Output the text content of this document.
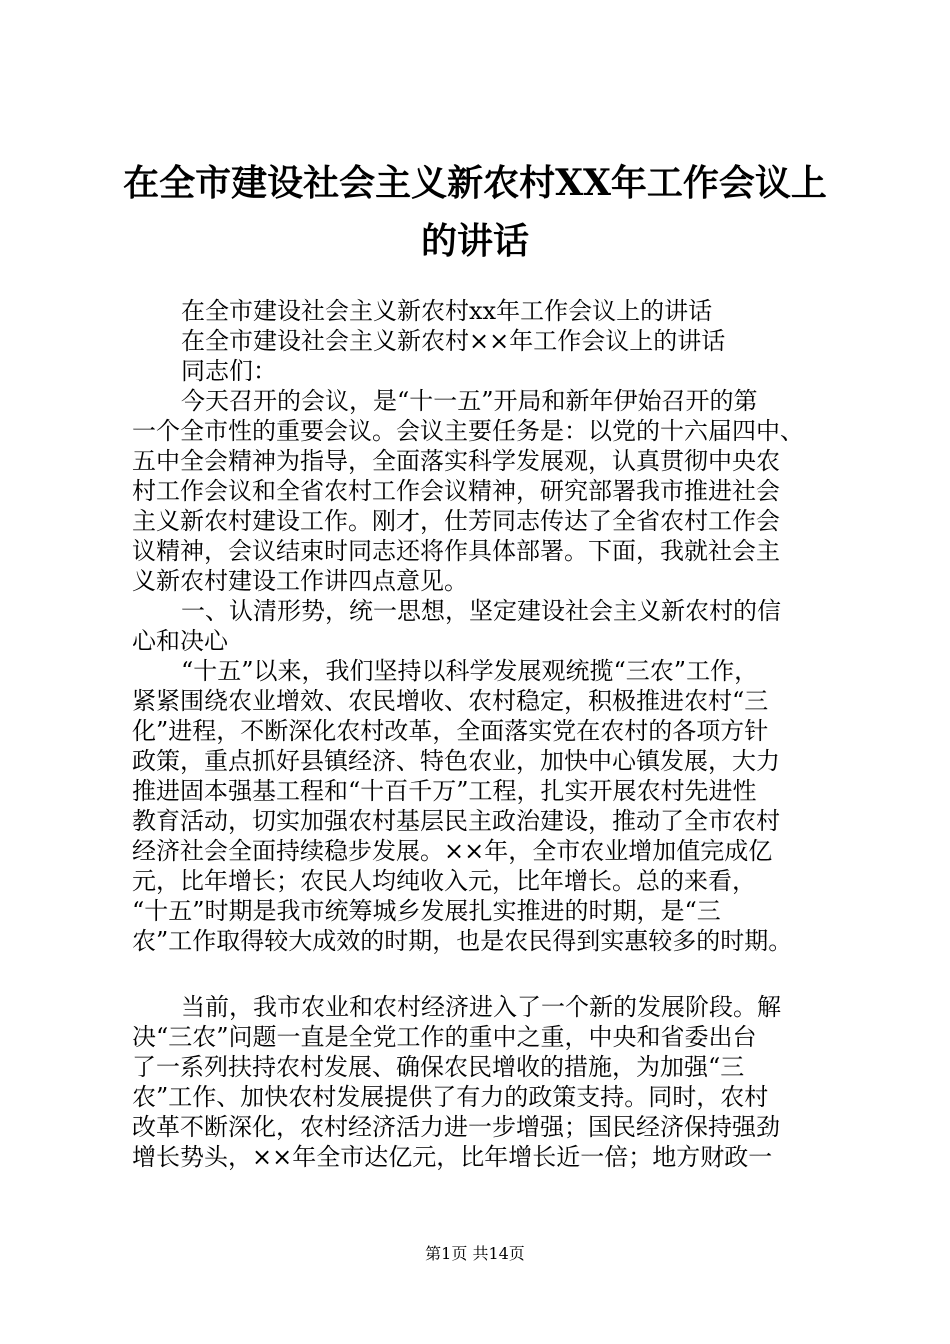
在全市建设社会主义新农村XX年工作会议上
的讲话
在全市建设社会主义新农村xx年工作会议上的讲话
在全市建设社会主义新农村××年工作会议上的讲话
同志们：
今天召开的会议，是“十一五”开局和新年伊始召开的第
一个全市性的重要会议。会议主要任务是：以党的十六届四中、
五中全会精神为指导，全面落实科学发展观，认真贯彻中央农
村工作会议和全省农村工作会议精神，研究部署我市推进社会
主义新农村建设工作。刚才，仕芳同志传达了全省农村工作会
议精神，会议结束时同志还将作具体部署。下面，我就社会主
义新农村建设工作讲四点意见。
一、认清形势，统一思想，坚定建设社会主义新农村的信
心和决心
“十五”以来，我们坚持以科学发展观统揽“三农”工作，
紧紧围绕农业增效、农民增收、农村稳定，积极推进农村“三
化”进程，不断深化农村改革，全面落实党在农村的各项方针
政策，重点抓好县镇经济、特色农业，加快中心镇发展，大力
推进固本强基工程和“十百千万”工程，扎实开展农村先进性
教育活动，切实加强农村基层民主政治建设，推动了全市农村
经济社会全面持续稳步发展。××年，全市农业增加值完成亿
元，比年增长；农民人均纯收入元，比年增长。总的来看，
“十五”时期是我市统筹城乡发展扎实推进的时期，是“三
农”工作取得较大成效的时期，也是农民得到实惠较多的时期。
当前，我市农业和农村经济进入了一个新的发展阶段。解
决“三农”问题一直是全党工作的重中之重，中央和省委出台
了一系列扶持农村发展、确保农民增收的措施，为加强“三
农”工作、加快农村发展提供了有力的政策支持。同时，农村
改革不断深化，农村经济活力进一步增强；国民经济保持强劲
增长势头，××年全市达亿元，比年增长近一倍；地方财政一
第1页 共14页
